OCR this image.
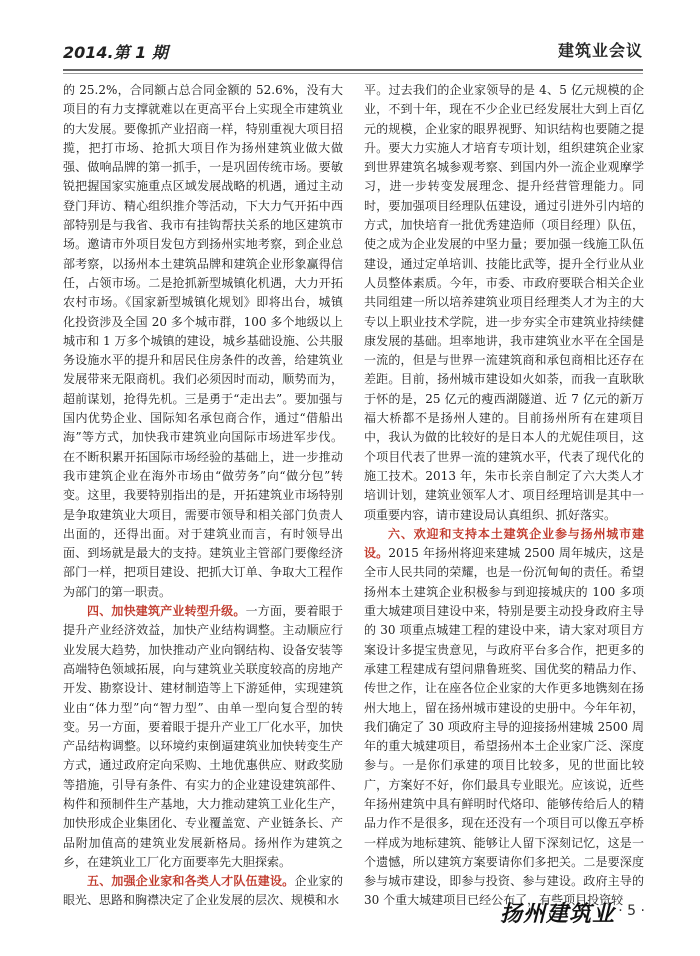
2014.第 1 期	建筑业会议

的 25.2%，合同额占总合同金额的 52.6%，没有大项目的有力支撑就难以在更高平台上实现全市建筑业的大发展。要像抓产业招商一样，特别重视大项目招揽，把打市场、抢抓大项目作为扬州建筑业做大做强、做响品牌的第一抓手，一是巩固传统市场。要敏锐把握国家实施重点区域发展战略的机遇，通过主动登门拜访、精心组织推介等活动，下大力气开拓中西部特别是与我省、我市有挂钩帮扶关系的地区建筑市场。邀请市外项目发包方到扬州实地考察，到企业总部考察，以扬州本土建筑品牌和建筑企业形象赢得信任，占领市场。二是抢抓新型城镇化机遇，大力开拓农村市场。《国家新型城镇化规划》即将出台，城镇化投资涉及全国 20 多个城市群，100 多个地级以上城市和 1 万多个城镇的建设，城乡基础设施、公共服务设施水平的提升和居民住房条件的改善，给建筑业发展带来无限商机。我们必须因时而动，顺势而为，超前谋划，抢得先机。三是勇于“走出去”。要加强与国内优势企业、国际知名承包商合作，通过“借船出海”等方式，加快我市建筑业向国际市场进军步伐。在不断积累开拓国际市场经验的基础上，进一步推动我市建筑企业在海外市场由“做劳务”向“做分包”转变。这里，我要特别指出的是，开拓建筑业市场特别是争取建筑业大项目，需要市领导和相关部门负责人出面的，还得出面。对于建筑业而言，有时领导出面、到场就是最大的支持。建筑业主管部门要像经济部门一样，把项目建设、把抓大订单、争取大工程作为部门的第一职责。

四、加快建筑产业转型升级。一方面，要着眼于提升产业经济效益，加快产业结构调整。主动顺应行业发展大趋势，加快推动产业向钢结构、设备安装等高端特色领域拓展，向与建筑业关联度较高的房地产开发、勘察设计、建材制造等上下游延伸，实现建筑业由“体力型”向“智力型”、由单一型向复合型的转变。另一方面，要着眼于提升产业工厂化水平，加快产品结构调整。以环境约束倒逼建筑业加快转变生产方式，通过政府定向采购、土地优惠供应、财政奖励等措施，引导有条件、有实力的企业建设建筑部件、构件和预制件生产基地，大力推动建筑工业化生产，加快形成企业集团化、专业覆盖宽、产业链条长、产品附加值高的建筑业发展新格局。扬州作为建筑之乡，在建筑业工厂化方面要率先大胆探索。

五、加强企业家和各类人才队伍建设。企业家的眼光、思路和胸襟决定了企业发展的层次、规模和水

平。过去我们的企业家领导的是 4、5 亿元规模的企业，不到十年，现在不少企业已经发展壮大到上百亿元的规模，企业家的眼界视野、知识结构也要随之提升。要大力实施人才培育专项计划，组织建筑企业家到世界建筑名城参观考察、到国内外一流企业观摩学习，进一步转变发展理念、提升经营管理能力。同时，要加强项目经理队伍建设，通过引进外引内培的方式，加快培育一批优秀建造师（项目经理）队伍，使之成为企业发展的中坚力量；要加强一线施工队伍建设，通过定单培训、技能比武等，提升全行业从业人员整体素质。今年，市委、市政府要联合相关企业共同组建一所以培养建筑业项目经理类人才为主的大专以上职业技术学院，进一步夯实全市建筑业持续健康发展的基础。坦率地讲，我市建筑业水平在全国是一流的，但是与世界一流建筑商和承包商相比还存在差距。目前，扬州城市建设如火如荼，而我一直耿耿于怀的是，25 亿元的瘦西湖隧道、近 7 亿元的新万福大桥都不是扬州人建的。目前扬州所有在建项目中，我认为做的比较好的是日本人的尤妮佳项目，这个项目代表了世界一流的建筑水平，代表了现代化的施工技术。2013 年，朱市长亲自制定了六大类人才培训计划，建筑业领军人才、项目经理培训是其中一项重要内容，请市建设局认真组织、抓好落实。

六、欢迎和支持本土建筑企业参与扬州城市建设。2015 年扬州将迎来建城 2500 周年城庆，这是全市人民共同的荣耀，也是一份沉甸甸的责任。希望扬州本土建筑企业积极参与到迎接城庆的 100 多项重大城建项目建设中来，特别是要主动投身政府主导的 30 项重点城建工程的建设中来，请大家对项目方案设计多提宝贵意见，与政府平台多合作，把更多的承建工程建成有望问鼎鲁班奖、国优奖的精品力作、传世之作，让在座各位企业家的大作更多地镌刻在扬州大地上，留在扬州城市建设的史册中。今年年初，我们确定了 30 项政府主导的迎接扬州建城 2500 周年的重大城建项目，希望扬州本土企业家广泛、深度参与。一是你们承建的项目比较多，见的世面比较广，方案好不好，你们最具专业眼光。应该说，近些年扬州建筑中具有鲜明时代烙印、能够传给后人的精品力作不是很多，现在还没有一个项目可以像五亭桥一样成为地标建筑、能够让人留下深刻记忆，这是一个遗憾，所以建筑方案要请你们多把关。二是要深度参与城市建设，即参与投资、参与建设。政府主导的 30 个重大城建项目已经公布了，有些项目投资较

扬州建筑业 · 5 ·
